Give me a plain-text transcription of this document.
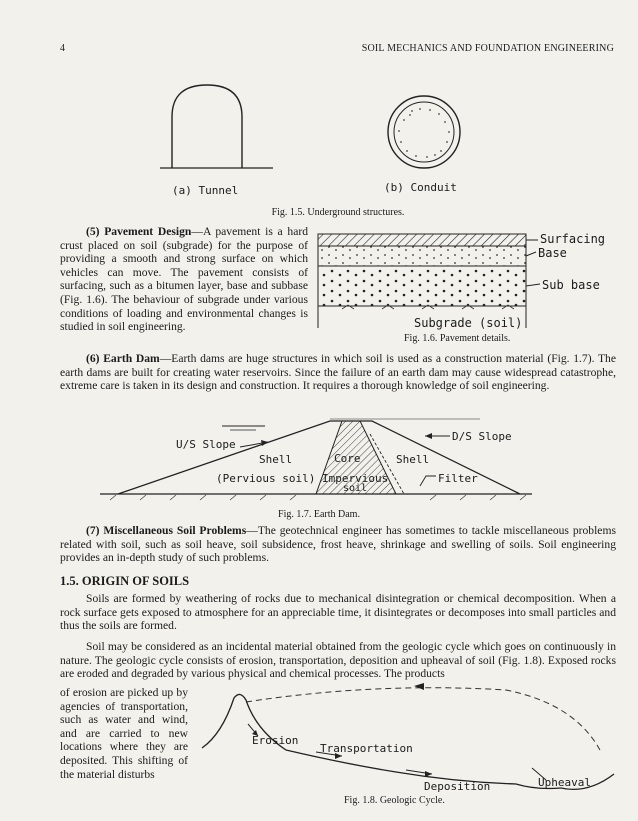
4	SOIL MECHANICS AND FOUNDATION ENGINEERING
(a) Tunnel	(b) Conduit
Fig. 1.5. Underground structures.

(5) Pavement Design—A pavement is a hard crust placed on soil (subgrade) for the purpose of providing a smooth and strong surface on which vehicles can move. The pavement consists of surfacing, such as a bitumen layer, base and subbase (Fig. 1.6). The behaviour of subgrade under various conditions of loading and environmental changes is studied in soil engineering.

Surfacing
Base
Sub base
Subgrade (soil)
Fig. 1.6. Pavement details.

(6) Earth Dam—Earth dams are huge structures in which soil is used as a construction material (Fig. 1.7). The earth dams are built for creating water reservoirs. Since the failure of an earth dam may cause widespread catastrophe, extreme care is taken in its design and construction. It requires a thorough knowledge of soil engineering.

U/S Slope
D/S Slope
Shell
(Pervious soil)
Core
Impervious
soil
Shell
Filter
Fig. 1.7. Earth Dam.

(7) Miscellaneous Soil Problems—The geotechnical engineer has sometimes to tackle miscellaneous problems related with soil, such as soil heave, soil subsidence, frost heave, shrinkage and swelling of soils. Soil engineering provides an in-depth study of such problems.

1.5. ORIGIN OF SOILS

Soils are formed by weathering of rocks due to mechanical disintegration or chemical decomposition. When a rock surface gets exposed to atmosphere for an appreciable time, it disintegrates or decomposes into small particles and thus the soils are formed.

Soil may be considered as an incidental material obtained from the geologic cycle which goes on continuously in nature. The geologic cycle consists of erosion, transportation, deposition and upheaval of soil (Fig. 1.8). Exposed rocks are eroded and degraded by various physical and chemical processes. The products

of erosion are picked up by agencies of transportation, such as water and wind, and are carried to new locations where they are deposited. This shifting of the material disturbs

Erosion
Transportation
Deposition	Upheaval
Fig. 1.8. Geologic Cycle.
